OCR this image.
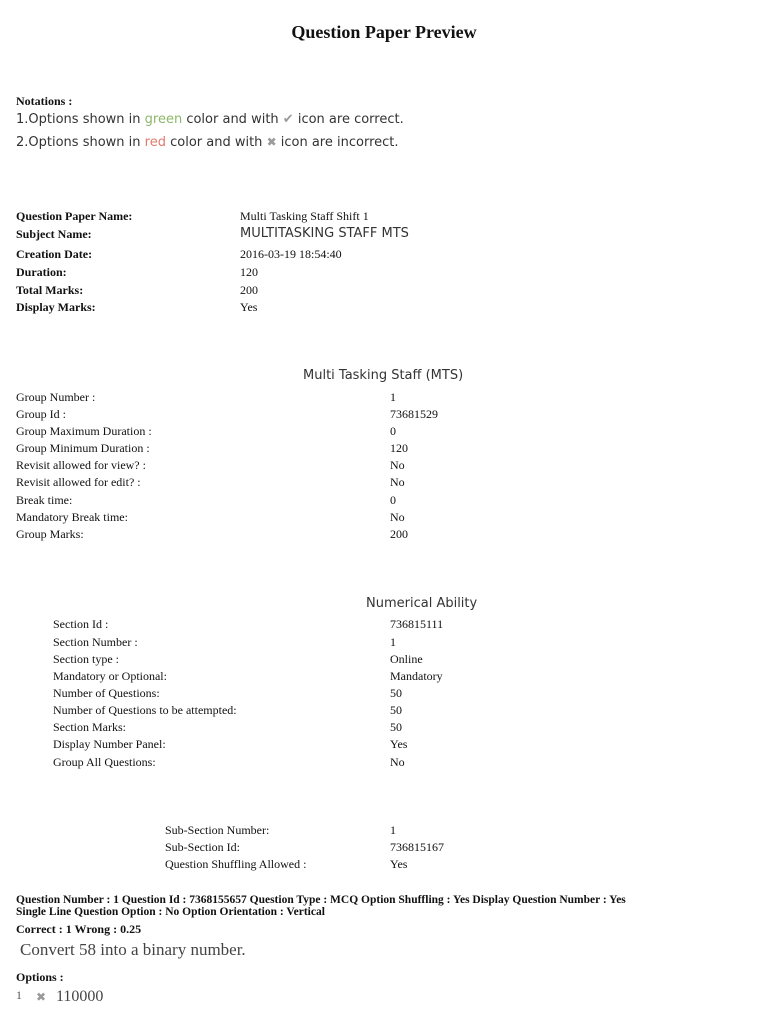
Question Paper Preview
Notations :
1.Options shown in green color and with ✔ icon are correct.
2.Options shown in red color and with ✖ icon are incorrect.
Question Paper Name:	Multi Tasking Staff Shift 1
Subject Name:	MULTITASKING STAFF MTS
Creation Date:	2016-03-19 18:54:40
Duration:	120
Total Marks:	200
Display Marks:	Yes
Multi Tasking Staff (MTS)
Group Number :	1
Group Id :	73681529
Group Maximum Duration :	0
Group Minimum Duration :	120
Revisit allowed for view? :	No
Revisit allowed for edit? :	No
Break time:	0
Mandatory Break time:	No
Group Marks:	200
Numerical Ability
Section Id :	736815111
Section Number :	1
Section type :	Online
Mandatory or Optional:	Mandatory
Number of Questions:	50
Number of Questions to be attempted:	50
Section Marks:	50
Display Number Panel:	Yes
Group All Questions:	No
Sub-Section Number:	1
Sub-Section Id:	736815167
Question Shuffling Allowed :	Yes
Question Number : 1 Question Id : 7368155657 Question Type : MCQ Option Shuffling : Yes Display Question Number : Yes
Single Line Question Option : No Option Orientation : Vertical
Correct : 1 Wrong : 0.25
Convert 58 into a binary number.
Options :
1 ✖ 110000
